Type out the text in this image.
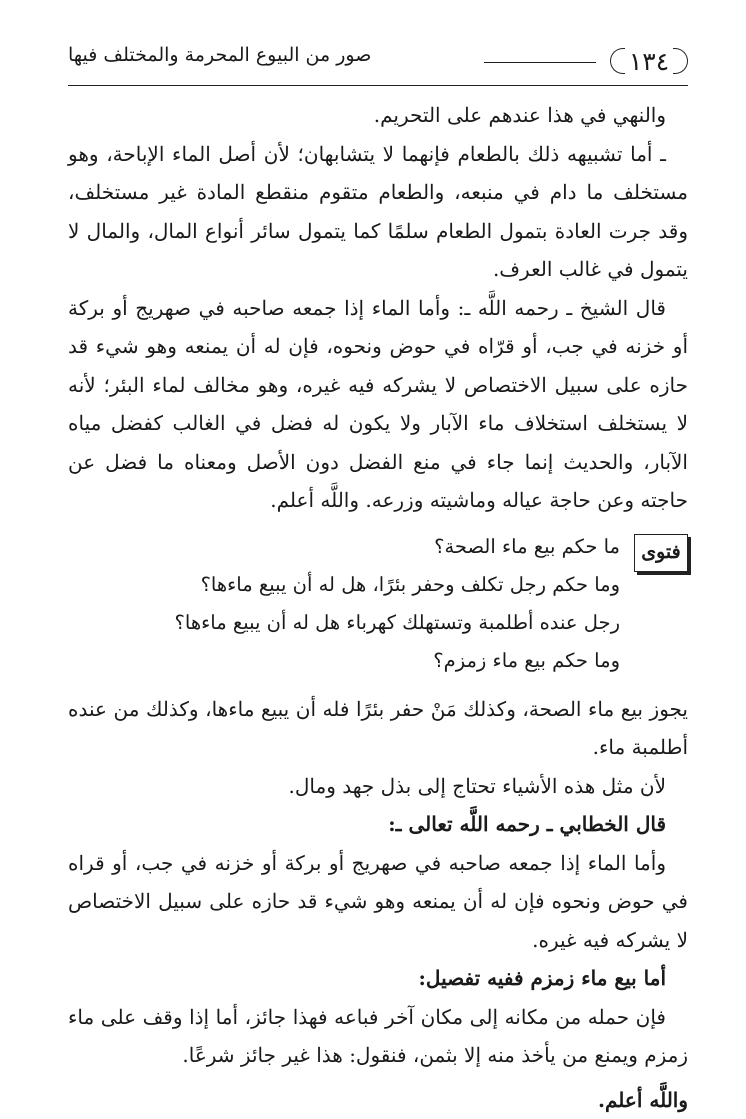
١٣٤
صور من البيوع المحرمة والمختلف فيها

والنهي في هذا عندهم على التحريم.

ـ أما تشبيهه ذلك بالطعام فإنهما لا يتشابهان؛ لأن أصل الماء الإباحة، وهو مستخلف ما دام في منبعه، والطعام متقوم منقطع المادة غير مستخلف، وقد جرت العادة بتمول الطعام سلمًا كما يتمول سائر أنواع المال، والمال لا يتمول في غالب العرف.

قال الشيخ ـ رحمه اللَّه ـ: وأما الماء إذا جمعه صاحبه في صهريج أو بركة أو خزنه في جب، أو قرّاه في حوض ونحوه، فإن له أن يمنعه وهو شيء قد حازه على سبيل الاختصاص لا يشركه فيه غيره، وهو مخالف لماء البئر؛ لأنه لا يستخلف استخلاف ماء الآبار ولا يكون له فضل في الغالب كفضل مياه الآبار، والحديث إنما جاء في منع الفضل دون الأصل ومعناه ما فضل عن حاجته وعن حاجة عياله وماشيته وزرعه. واللَّه أعلم.

فتوى

ما حكم بيع ماء الصحة؟

وما حكم رجل تكلف وحفر بئرًا، هل له أن يبيع ماءها؟

رجل عنده أطلمبة وتستهلك كهرباء هل له أن يبيع ماءها؟

وما حكم بيع ماء زمزم؟

يجوز بيع ماء الصحة، وكذلك مَنْ حفر بئرًا فله أن يبيع ماءها، وكذلك من عنده أطلمبة ماء.

لأن مثل هذه الأشياء تحتاج إلى بذل جهد ومال.

قال الخطابي ـ رحمه اللَّه تعالى ـ:

وأما الماء إذا جمعه صاحبه في صهريج أو بركة أو خزنه في جب، أو قراه في حوض ونحوه فإن له أن يمنعه وهو شيء قد حازه على سبيل الاختصاص لا يشركه فيه غيره.

أما بيع ماء زمزم ففيه تفصيل:

فإن حمله من مكانه إلى مكان آخر فباعه فهذا جائز، أما إذا وقف على ماء زمزم ويمنع من يأخذ منه إلا بثمن، فنقول: هذا غير جائز شرعًا.

واللَّه أعلم.
